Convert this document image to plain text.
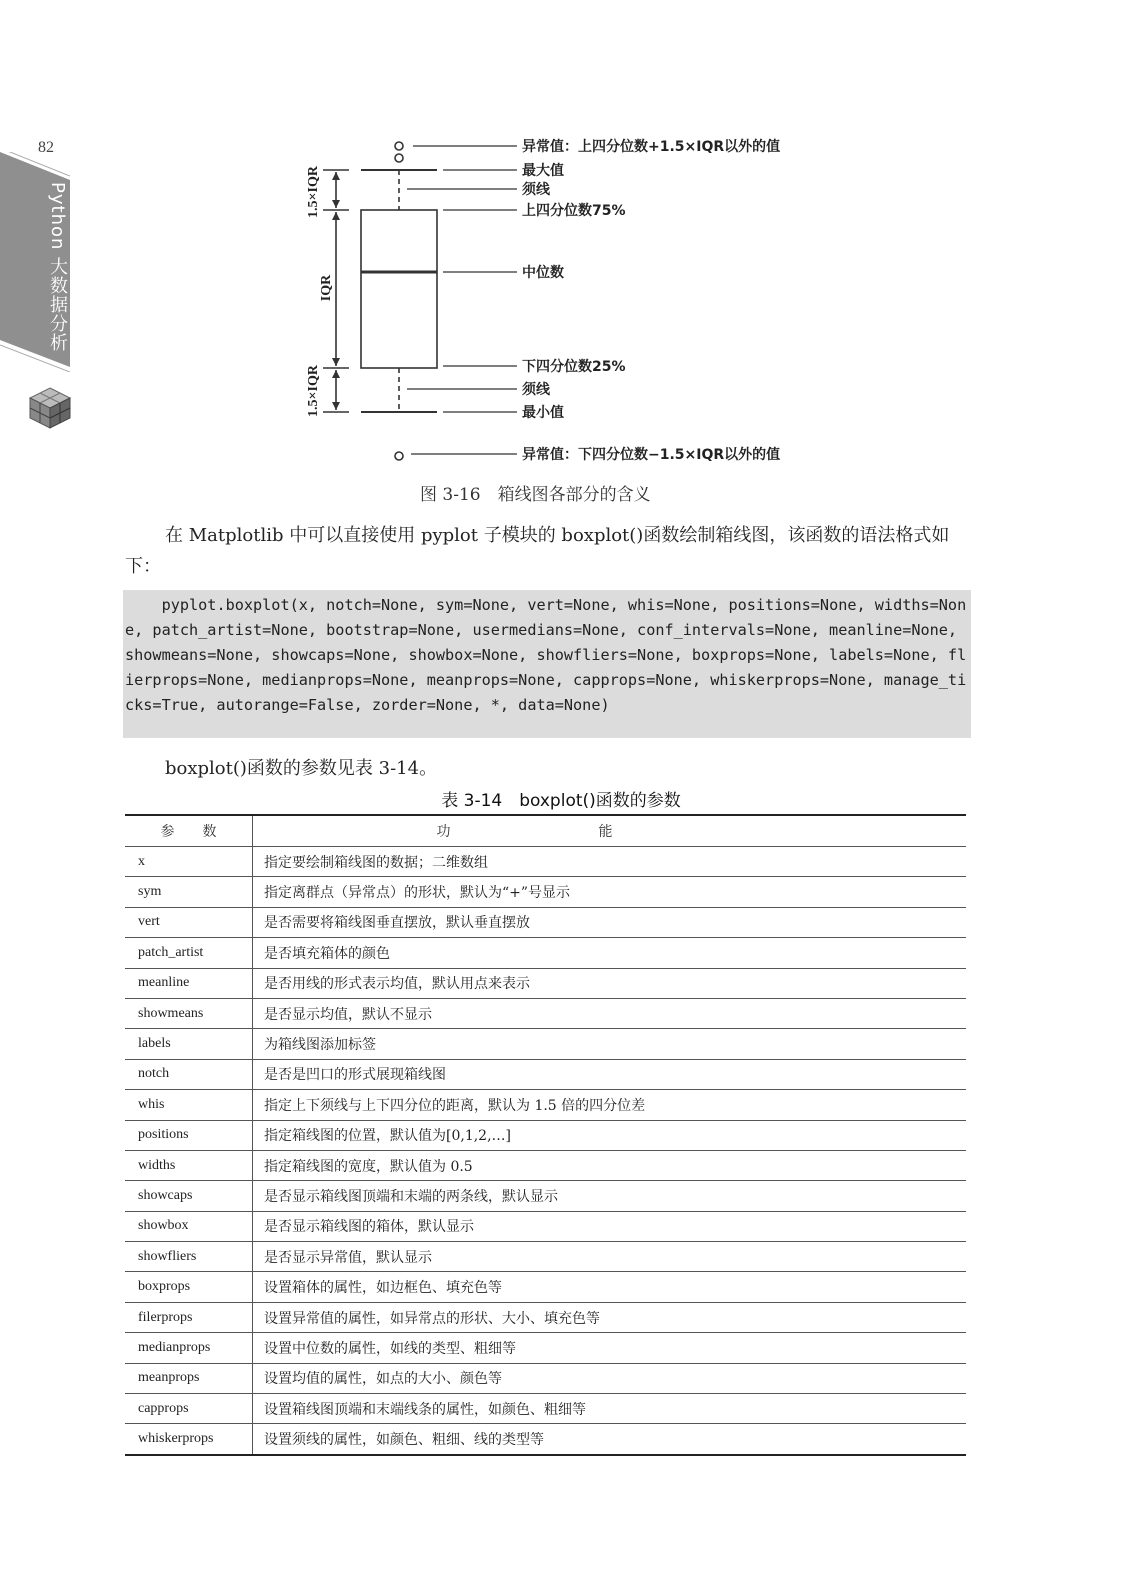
82
Python 大数据分析
异常值：上四分位数+1.5×IQR以外的值
最大值
须线
上四分位数75%
中位数
下四分位数25%
须线
最小值
异常值：下四分位数−1.5×IQR以外的值
1.5×IQR
IQR
1.5×IQR
图 3-16　箱线图各部分的含义

在 Matplotlib 中可以直接使用 pyplot 子模块的 boxplot()函数绘制箱线图，该函数的语法格式如下：

pyplot.boxplot(x, notch=None, sym=None, vert=None, whis=None, positions=None, widths=None, patch_artist=None, bootstrap=None, usermedians=None, conf_intervals=None, meanline=None, showmeans=None, showcaps=None, showbox=None, showfliers=None, boxprops=None, labels=None, flierprops=None, medianprops=None, meanprops=None, capprops=None, whiskerprops=None, manage_ticks=True, autorange=False, zorder=None, *, data=None)

boxplot()函数的参数见表 3-14。

表 3-14　boxplot()函数的参数
参　　数	功　　能
x	指定要绘制箱线图的数据；二维数组
sym	指定离群点（异常点）的形状，默认为“+”号显示
vert	是否需要将箱线图垂直摆放，默认垂直摆放
patch_artist	是否填充箱体的颜色
meanline	是否用线的形式表示均值，默认用点来表示
showmeans	是否显示均值，默认不显示
labels	为箱线图添加标签
notch	是否是凹口的形式展现箱线图
whis	指定上下须线与上下四分位的距离，默认为 1.5 倍的四分位差
positions	指定箱线图的位置，默认值为[0,1,2,…]
widths	指定箱线图的宽度，默认值为 0.5
showcaps	是否显示箱线图顶端和末端的两条线，默认显示
showbox	是否显示箱线图的箱体，默认显示
showfliers	是否显示异常值，默认显示
boxprops	设置箱体的属性，如边框色、填充色等
filerprops	设置异常值的属性，如异常点的形状、大小、填充色等
medianprops	设置中位数的属性，如线的类型、粗细等
meanprops	设置均值的属性，如点的大小、颜色等
capprops	设置箱线图顶端和末端线条的属性，如颜色、粗细等
whiskerprops	设置须线的属性，如颜色、粗细、线的类型等
